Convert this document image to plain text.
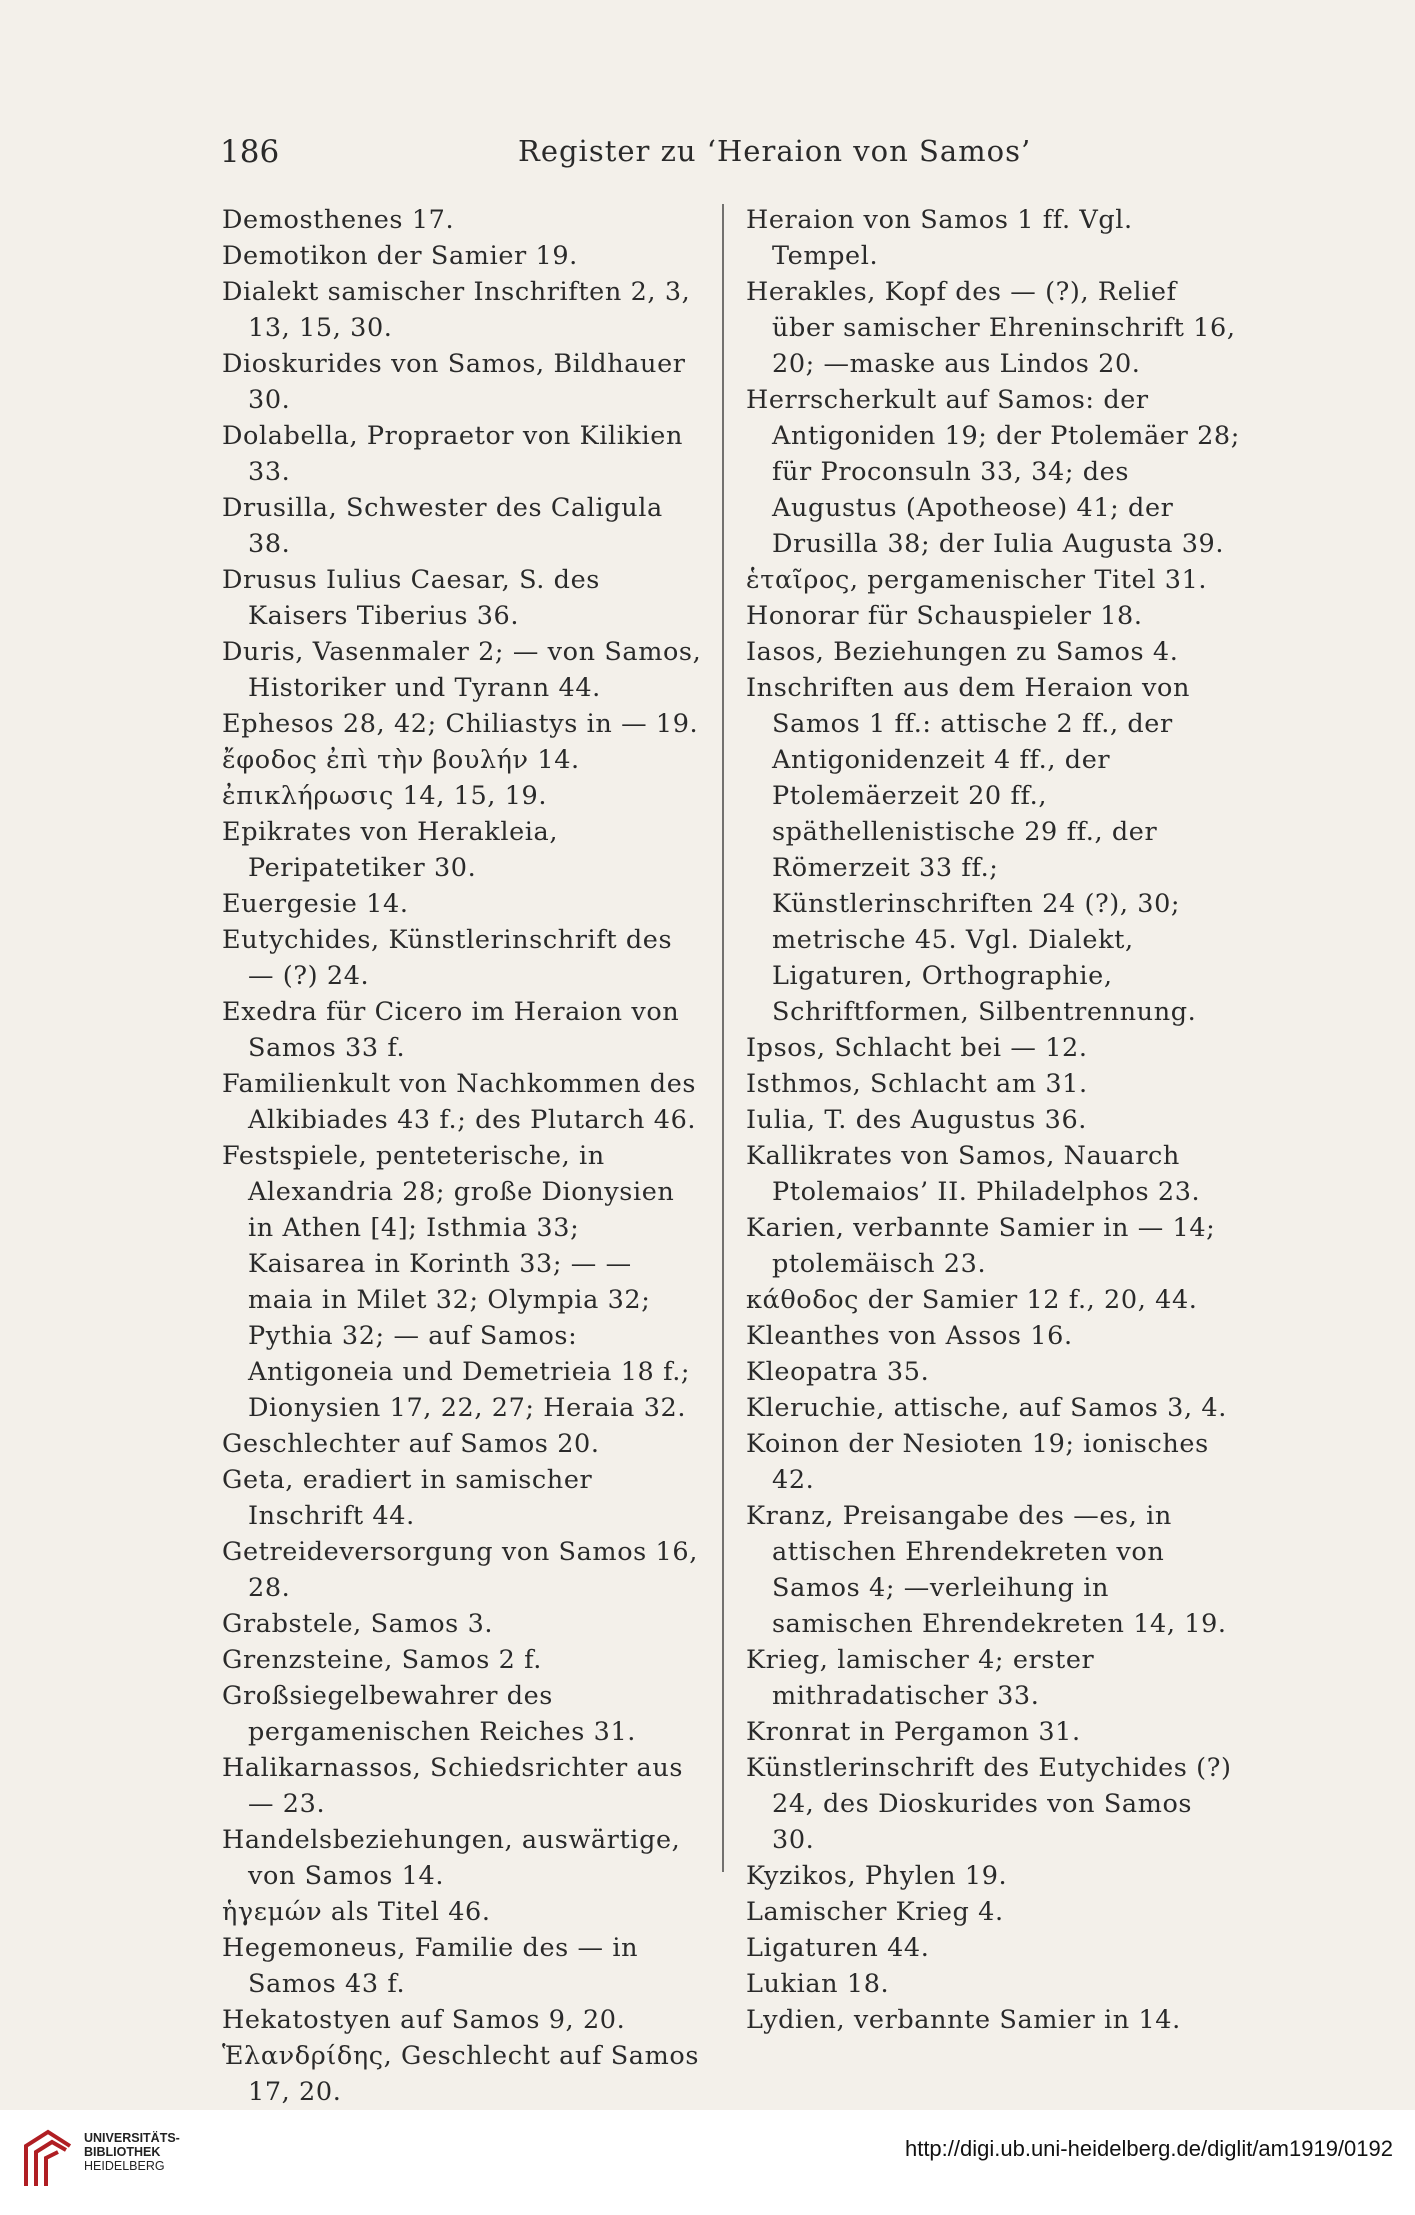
186	Register zu ‘Heraion von Samos’

Demosthenes 17.

Demotikon der Samier 19.

Dialekt samischer Inschriften 2, 3, 13, 15, 30.

Dioskurides von Samos, Bildhauer 30.

Dolabella, Propraetor von Kilikien 33.

Drusilla, Schwester des Caligula 38.

Drusus Iulius Caesar, S. des Kaisers Tiberius 36.

Duris, Vasenmaler 2; — von Samos, Historiker und Tyrann 44.

Ephesos 28, 42; Chiliastys in — 19.

ἔφοδος ἐπὶ τὴν βουλήν 14.

ἐπικλήρωσις 14, 15, 19.

Epikrates von Herakleia, Peripatetiker 30.

Euergesie 14.

Eutychides, Künstlerinschrift des — (?) 24.

Exedra für Cicero im Heraion von Samos 33 f.

Familienkult von Nachkommen des Alkibiades 43 f.; des Plutarch 46.

Festspiele, penteterische, in Alexandria 28; große Dionysien in Athen [4]; Isthmia 33; Kaisarea in Korinth 33; — — maia in Milet 32; Olympia 32; Pythia 32; — auf Samos: Antigoneia und Demetrieia 18 f.; Dionysien 17, 22, 27; Heraia 32.

Geschlechter auf Samos 20.

Geta, eradiert in samischer Inschrift 44.

Getreideversorgung von Samos 16, 28.

Grabstele, Samos 3.

Grenzsteine, Samos 2 f.

Großsiegelbewahrer des pergamenischen Reiches 31.

Halikarnassos, Schiedsrichter aus — 23.

Handelsbeziehungen, auswärtige, von Samos 14.

ἡγεμών als Titel 46.

Hegemoneus, Familie des — in Samos 43 f.

Hekatostyen auf Samos 9, 20.

Ἑλανδρίδης, Geschlecht auf Samos 17, 20.

Heraion von Samos 1 ff. Vgl. Tempel.

Herakles, Kopf des — (?), Relief über samischer Ehreninschrift 16, 20; —maske aus Lindos 20.

Herrscherkult auf Samos: der Antigoniden 19; der Ptolemäer 28; für Proconsuln 33, 34; des Augustus (Apotheose) 41; der Drusilla 38; der Iulia Augusta 39.

ἑταῖρος, pergamenischer Titel 31.

Honorar für Schauspieler 18.

Iasos, Beziehungen zu Samos 4.

Inschriften aus dem Heraion von Samos 1 ff.: attische 2 ff., der Antigonidenzeit 4 ff., der Ptolemäerzeit 20 ff., späthellenistische 29 ff., der Römerzeit 33 ff.; Künstlerinschriften 24 (?), 30; metrische 45. Vgl. Dialekt, Ligaturen, Orthographie, Schriftformen, Silbentrennung.

Ipsos, Schlacht bei — 12.

Isthmos, Schlacht am 31.

Iulia, T. des Augustus 36.

Kallikrates von Samos, Nauarch Ptolemaios’ II. Philadelphos 23.

Karien, verbannte Samier in — 14; ptolemäisch 23.

κάθοδος der Samier 12 f., 20, 44.

Kleanthes von Assos 16.

Kleopatra 35.

Kleruchie, attische, auf Samos 3, 4.

Koinon der Nesioten 19; ionisches 42.

Kranz, Preisangabe des —es, in attischen Ehrendekreten von Samos 4; —verleihung in samischen Ehrendekreten 14, 19.

Krieg, lamischer 4; erster mithradatischer 33.

Kronrat in Pergamon 31.

Künstlerinschrift des Eutychides (?) 24, des Dioskurides von Samos 30.

Kyzikos, Phylen 19.

Lamischer Krieg 4.

Ligaturen 44.

Lukian 18.

Lydien, verbannte Samier in 14.

UNIVERSITÄTS-
BIBLIOTHEK
HEIDELBERG
http://digi.ub.uni-heidelberg.de/diglit/am1919/0192
